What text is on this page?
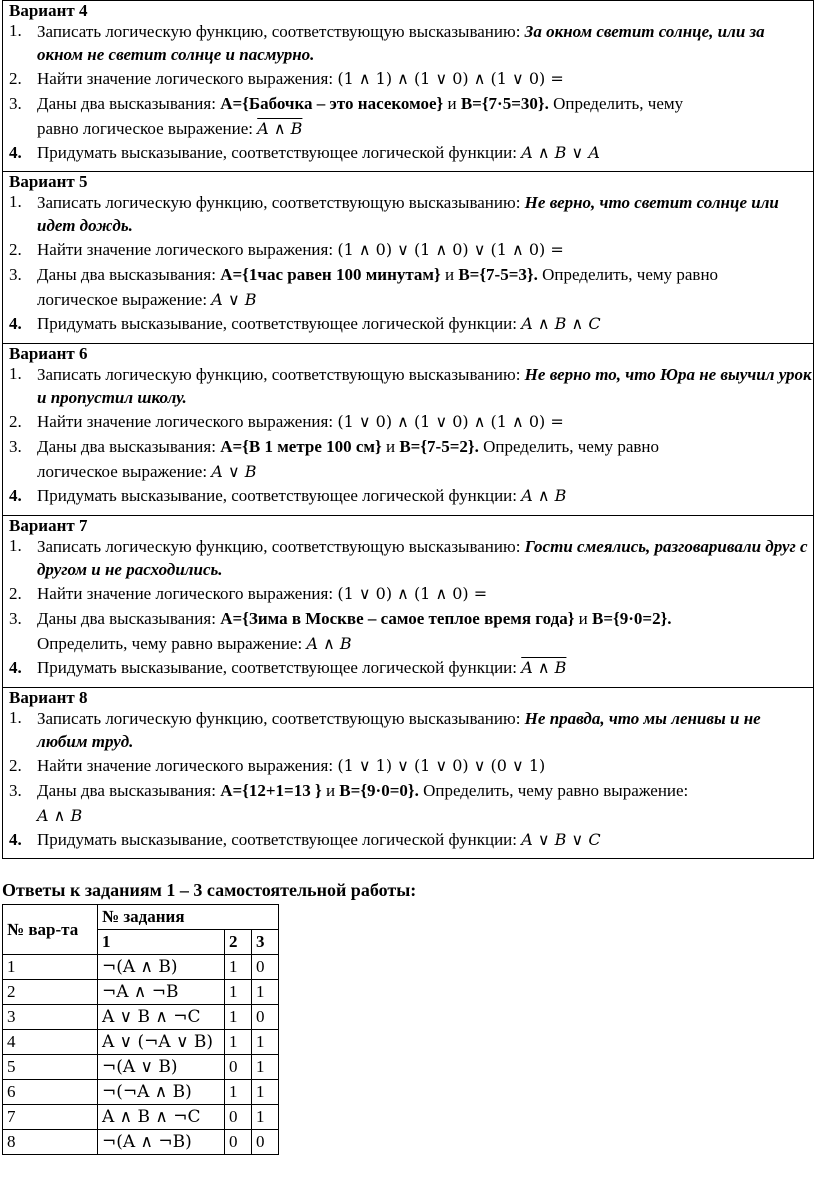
Вариант 4
1. Записать логическую функцию, соответствующую высказыванию: За окном светит солнце, или за окном не светит солнце и пасмурно.
2. Найти значение логического выражения: (1 ∧ 1) ∧ (1 ∨ 0) ∧ (1 ∨ 0) =
3. Даны два высказывания: A={Бабочка – это насекомое} и B={7·5=30}. Определить, чему
равно логическое выражение: A ∧ B
4. Придумать высказывание, соответствующее логической функции: A ∧ B ∨ A
Вариант 5
1. Записать логическую функцию, соответствующую высказыванию: Не верно, что светит солнце или идет дождь.
2. Найти значение логического выражения: (1 ∧ 0) ∨ (1 ∧ 0) ∨ (1 ∧ 0) =
3. Даны два высказывания: A={1час равен 100 минутам} и B={7-5=3}. Определить, чему равно
логическое выражение: A ∨ B
4. Придумать высказывание, соответствующее логической функции: A ∧ B ∧ C
Вариант 6
1. Записать логическую функцию, соответствующую высказыванию: Не верно то, что Юра не выучил урок и пропустил школу.
2. Найти значение логического выражения: (1 ∨ 0) ∧ (1 ∨ 0) ∧ (1 ∧ 0) =
3. Даны два высказывания: A={В 1 метре 100 см} и B={7-5=2}. Определить, чему равно
логическое выражение: A ∨ B
4. Придумать высказывание, соответствующее логической функции: A ∧ B
Вариант 7
1. Записать логическую функцию, соответствующую высказыванию: Гости смеялись, разговаривали друг с другом и не расходились.
2. Найти значение логического выражения: (1 ∨ 0) ∧ (1 ∧ 0) =
3. Даны два высказывания: A={Зима в Москве – самое теплое время года} и B={9·0=2}.
Определить, чему равно выражение: A ∧ B
4. Придумать высказывание, соответствующее логической функции: A ∧ B
Вариант 8
1. Записать логическую функцию, соответствующую высказыванию: Не правда, что мы ленивы и не любим труд.
2. Найти значение логического выражения: (1 ∨ 1) ∨ (1 ∨ 0) ∨ (0 ∨ 1)
3. Даны два высказывания: A={12+1=13 } и B={9·0=0}. Определить, чему равно выражение:
A ∧ B
4. Придумать высказывание, соответствующее логической функции: A ∨ B ∨ C
Ответы к заданиям 1 – 3 самостоятельной работы:
№ вар-та	№ задания		
	1	2	3
1	¬(A ∧ B)	1	0
2	¬A ∧ ¬B	1	1
3	A ∨ B ∧ ¬C	1	0
4	A ∨ (¬A ∨ B)	1	1
5	¬(A ∨ B)	0	1
6	¬(¬A ∧ B)	1	1
7	A ∧ B ∧ ¬C	0	1
8	¬(A ∧ ¬B)	0	0
